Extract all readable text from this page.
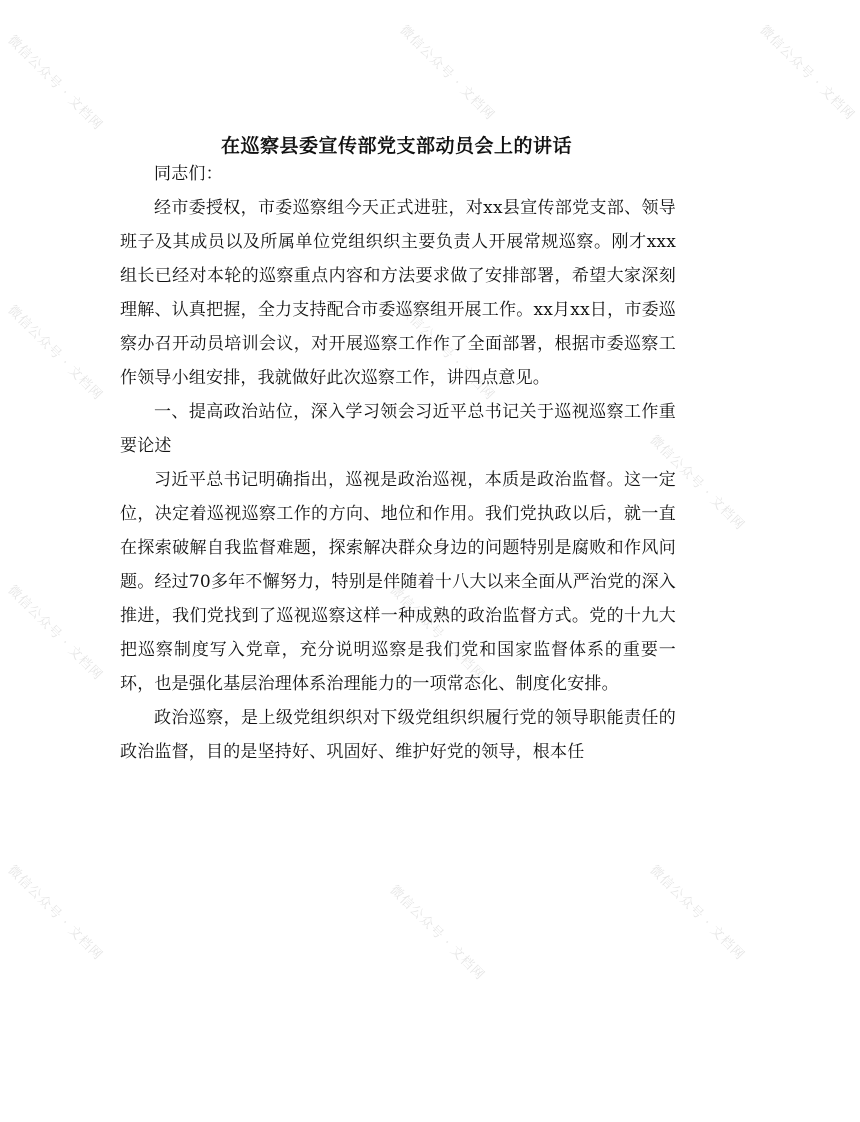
在巡察县委宣传部党支部动员会上的讲话

同志们：

经市委授权，市委巡察组今天正式进驻，对xx县宣传部党支部、领导班子及其成员以及所属单位党组织织主要负责人开展常规巡察。刚才xxx组长已经对本轮的巡察重点内容和方法要求做了安排部署，希望大家深刻理解、认真把握，全力支持配合市委巡察组开展工作。xx月xx日，市委巡察办召开动员培训会议，对开展巡察工作作了全面部署，根据市委巡察工作领导小组安排，我就做好此次巡察工作，讲四点意见。

一、提高政治站位，深入学习领会习近平总书记关于巡视巡察工作重要论述

习近平总书记明确指出，巡视是政治巡视，本质是政治监督。这一定位，决定着巡视巡察工作的方向、地位和作用。我们党执政以后，就一直在探索破解自我监督难题，探索解决群众身边的问题特别是腐败和作风问题。经过70多年不懈努力，特别是伴随着十八大以来全面从严治党的深入推进，我们党找到了巡视巡察这样一种成熟的政治监督方式。党的十九大把巡察制度写入党章，充分说明巡察是我们党和国家监督体系的重要一环，也是强化基层治理体系治理能力的一项常态化、制度化安排。

政治巡察，是上级党组织织对下级党组织织履行党的领导职能责任的政治监督，目的是坚持好、巩固好、维护好党的领导，根本任

微信公众号 · 文档网	微信公众号 · 文档网	微信公众号 · 文档网
微信公众号 · 文档网	微信公众号 · 文档网
微信公众号 · 文档网
微信公众号 · 文档网	微信公众号 · 文档网
微信公众号 · 文档网
微信公众号 · 文档网	微信公众号 · 文档网
